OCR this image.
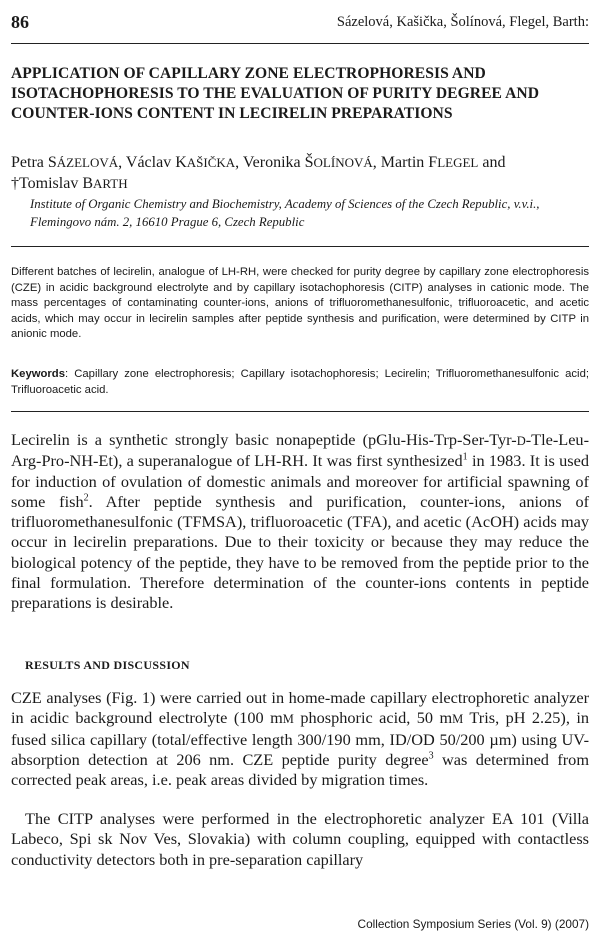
86	Sázelová, Kašička, Šolínová, Flegel, Barth:
APPLICATION OF CAPILLARY ZONE ELECTROPHORESIS AND
ISOTACHOPHORESIS TO THE EVALUATION OF PURITY DEGREE AND
COUNTER-IONS CONTENT IN LECIRELIN PREPARATIONS
Petra SÁZELOVÁ, Václav KAŠIČKA, Veronika ŠOLÍNOVÁ, Martin FLEGEL and
†Tomislav BARTH
Institute of Organic Chemistry and Biochemistry, Academy of Sciences of the Czech Republic, v.v.i.,
Flemingovo nám. 2, 16610 Prague 6, Czech Republic
Different batches of lecirelin, analogue of LH-RH, were checked for purity degree by capillary zone electrophoresis (CZE) in acidic background electrolyte and by capillary isotachophoresis (CITP) analyses in cationic mode. The mass percentages of contaminating counter-ions, anions of trifluoromethanesulfonic, trifluoroacetic, and acetic acids, which may occur in lecirelin samples after peptide synthesis and purification, were determined by CITP in anionic mode.
Keywords: Capillary zone electrophoresis; Capillary isotachophoresis; Lecirelin; Trifluoromethanesulfonic acid; Trifluoroacetic acid.
Lecirelin is a synthetic strongly basic nonapeptide (pGlu-His-Trp-Ser-Tyr-D-Tle-Leu-Arg-Pro-NH-Et), a superanalogue of LH-RH. It was first synthesized$^1$ in 1983. It is used for induction of ovulation of domestic animals and moreover for artificial spawning of some fish$^2$. After peptide synthesis and purification, counter-ions, anions of trifluoromethanesulfonic (TFMSA), trifluoroacetic (TFA), and acetic (AcOH) acids may occur in lecirelin preparations. Due to their toxicity or because they may reduce the biological potency of the peptide, they have to be removed from the peptide prior to the final formulation. Therefore determination of the counter-ions contents in peptide preparations is desirable.
RESULTS AND DISCUSSION
CZE analyses (Fig. 1) were carried out in home-made capillary electrophoretic analyzer in acidic background electrolyte (100 mM phosphoric acid, 50 mM Tris, pH 2.25), in fused silica capillary (total/effective length 300/190 mm, ID/OD 50/200 µm) using UV-absorption detection at 206 nm. CZE peptide purity degree$^3$ was determined from corrected peak areas, i.e. peak areas divided by migration times.
The CITP analyses were performed in the electrophoretic analyzer EA 101 (Villa Labeco, Spi sk Nov Ves, Slovakia) with column coupling, equipped with contactless conductivity detectors both in pre-separation capillary
Collection Symposium Series (Vol. 9) (2007)
